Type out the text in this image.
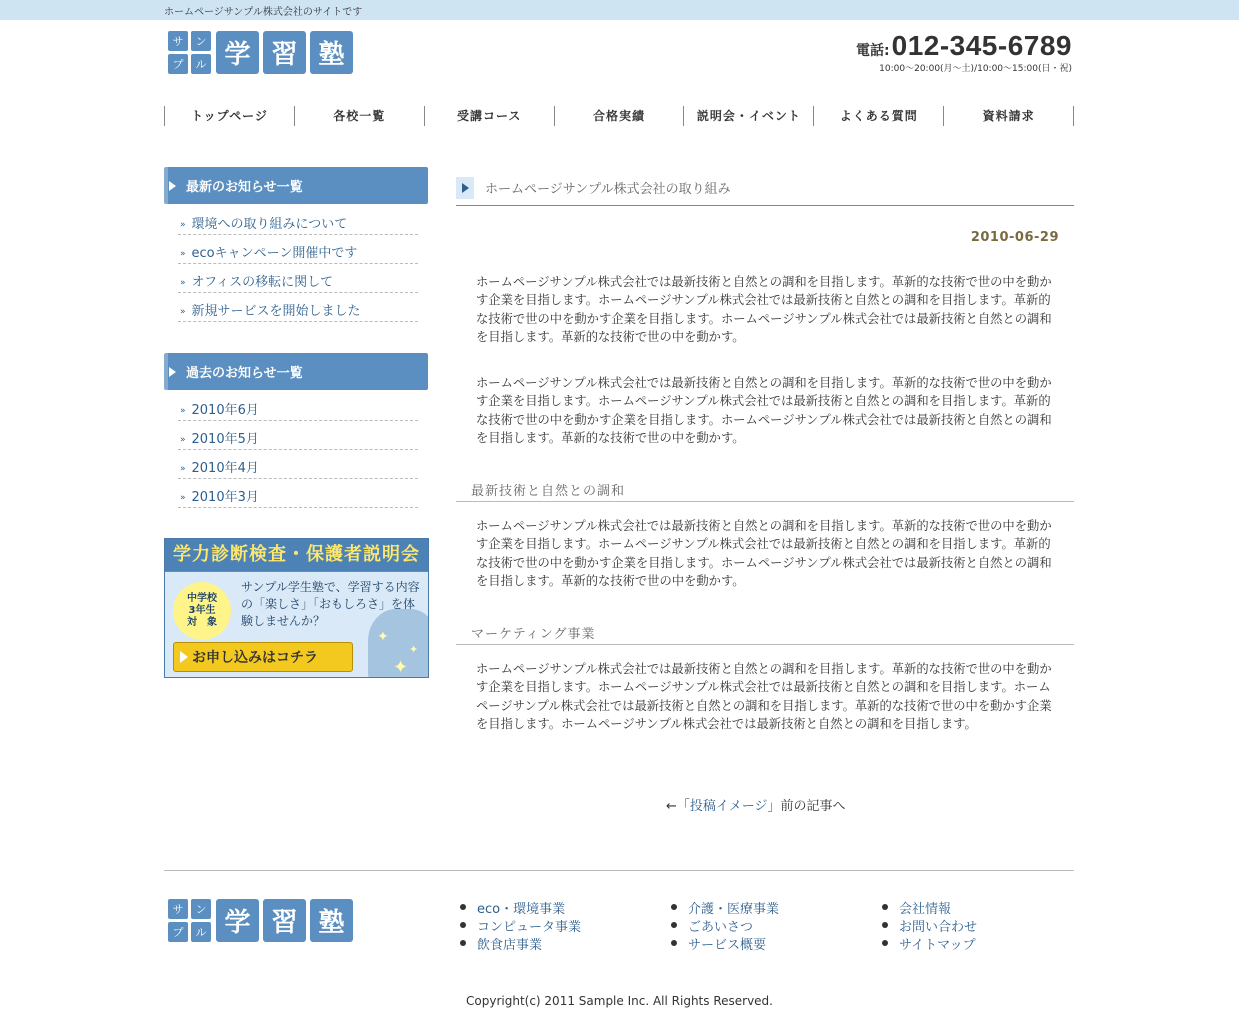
ホームページサンプル株式会社のサイトです
サ	ン
プ	ル 学 習 塾	電話: 012-345-6789
10:00〜20:00(月〜土)/10:00〜15:00(日・祝)
トップページ	各校一覧	受講コース	合格実績	説明会・イベント	よくある質問	資料請求
最新のお知らせ一覧
» 環境への取り組みについて
» ecoキャンペーン開催中です
» オフィスの移転に関して
» 新規サービスを開始しました
過去のお知らせ一覧
» 2010年6月
» 2010年5月
» 2010年4月
» 2010年3月
学力診断検査・保護者説明会
✦
✦
✦
中学校
3年生
対　象
サンプル学生塾で、学習する内容の「楽しさ」「おもしろさ」を体験しませんか？
お申し込みはコチラ
ホームページサンプル株式会社の取り組み
2010-06-29

ホームページサンプル株式会社では最新技術と自然との調和を目指します。革新的な技術で世の中を動かす企業を目指します。ホームページサンプル株式会社では最新技術と自然との調和を目指します。革新的な技術で世の中を動かす企業を目指します。ホームページサンプル株式会社では最新技術と自然との調和を目指します。革新的な技術で世の中を動かす。

ホームページサンプル株式会社では最新技術と自然との調和を目指します。革新的な技術で世の中を動かす企業を目指します。ホームページサンプル株式会社では最新技術と自然との調和を目指します。革新的な技術で世の中を動かす企業を目指します。ホームページサンプル株式会社では最新技術と自然との調和を目指します。革新的な技術で世の中を動かす。

最新技術と自然との調和

ホームページサンプル株式会社では最新技術と自然との調和を目指します。革新的な技術で世の中を動かす企業を目指します。ホームページサンプル株式会社では最新技術と自然との調和を目指します。革新的な技術で世の中を動かす企業を目指します。ホームページサンプル株式会社では最新技術と自然との調和を目指します。革新的な技術で世の中を動かす。

マーケティング事業

ホームページサンプル株式会社では最新技術と自然との調和を目指します。革新的な技術で世の中を動かす企業を目指します。ホームページサンプル株式会社では最新技術と自然との調和を目指します。ホームページサンプル株式会社では最新技術と自然との調和を目指します。革新的な技術で世の中を動かす企業を目指します。ホームページサンプル株式会社では最新技術と自然との調和を目指します。

←「投稿イメージ」前の記事へ
サ	ン
プ	ル 学 習 塾	eco・環境事業
コンピュータ事業
飲食店事業
介護・医療事業
ごあいさつ
サービス概要
会社情報
お問い合わせ
サイトマップ
Copyright(c) 2011 Sample Inc. All Rights Reserved.
